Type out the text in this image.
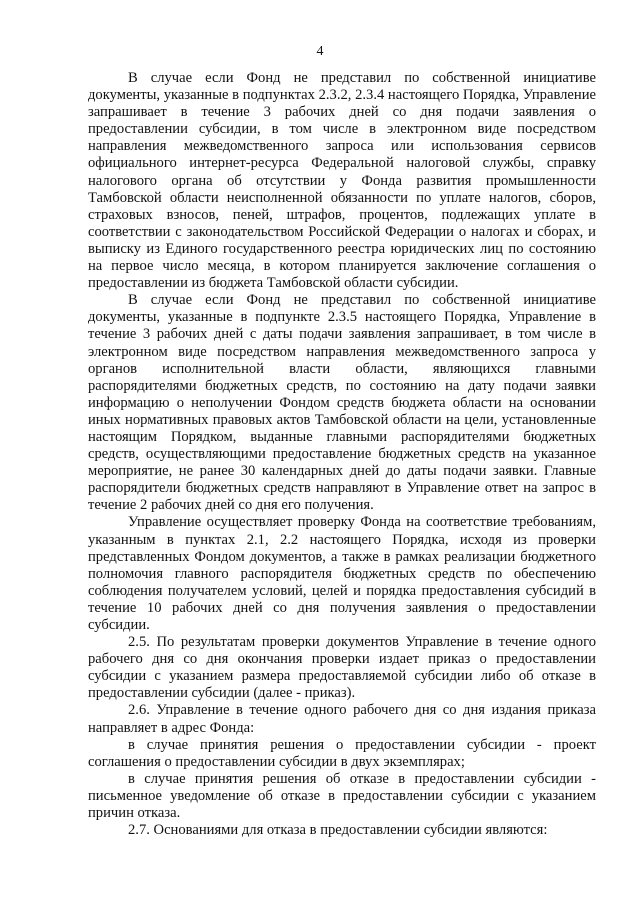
4

В случае если Фонд не представил по собственной инициативе документы, указанные в подпунктах 2.3.2, 2.3.4 настоящего Порядка, Управление запрашивает в течение 3 рабочих дней со дня подачи заявления о предоставлении субсидии, в том числе в электронном виде посредством направления межведомственного запроса или использования сервисов официального интернет-ресурса Федеральной налоговой службы, справку налогового органа об отсутствии у Фонда развития промышленности Тамбовской области неисполненной обязанности по уплате налогов, сборов, страховых взносов, пеней, штрафов, процентов, подлежащих уплате в соответствии с законодательством Российской Федерации о налогах и сборах, и выписку из Единого государственного реестра юридических лиц по состоянию на первое число месяца, в котором планируется заключение соглашения о предоставлении из бюджета Тамбовской области субсидии.

В случае если Фонд не представил по собственной инициативе документы, указанные в подпункте 2.3.5 настоящего Порядка, Управление в течение 3 рабочих дней с даты подачи заявления запрашивает, в том числе в электронном виде посредством направления межведомственного запроса у органов исполнительной власти области, являющихся главными распорядителями бюджетных средств, по состоянию на дату подачи заявки информацию о неполучении Фондом средств бюджета области на основании иных нормативных правовых актов Тамбовской области на цели, установленные настоящим Порядком, выданные главными распорядителями бюджетных средств, осуществляющими предоставление бюджетных средств на указанное мероприятие, не ранее 30 календарных дней до даты подачи заявки. Главные распорядители бюджетных средств направляют в Управление ответ на запрос в течение 2 рабочих дней со дня его получения.

Управление осуществляет проверку Фонда на соответствие требованиям, указанным в пунктах 2.1, 2.2 настоящего Порядка, исходя из проверки представленных Фондом документов, а также в рамках реализации бюджетного полномочия главного распорядителя бюджетных средств по обеспечению соблюдения получателем условий, целей и порядка предоставления субсидий в течение 10 рабочих дней со дня получения заявления о предоставлении субсидии.

2.5. По результатам проверки документов Управление в течение одного рабочего дня со дня окончания проверки издает приказ о предоставлении субсидии с указанием размера предоставляемой субсидии либо об отказе в предоставлении субсидии (далее - приказ).

2.6. Управление в течение одного рабочего дня со дня издания приказа направляет в адрес Фонда:

в случае принятия решения о предоставлении субсидии - проект соглашения о предоставлении субсидии в двух экземплярах;

в случае принятия решения об отказе в предоставлении субсидии - письменное уведомление об отказе в предоставлении субсидии с указанием причин отказа.

2.7. Основаниями для отказа в предоставлении субсидии являются:
